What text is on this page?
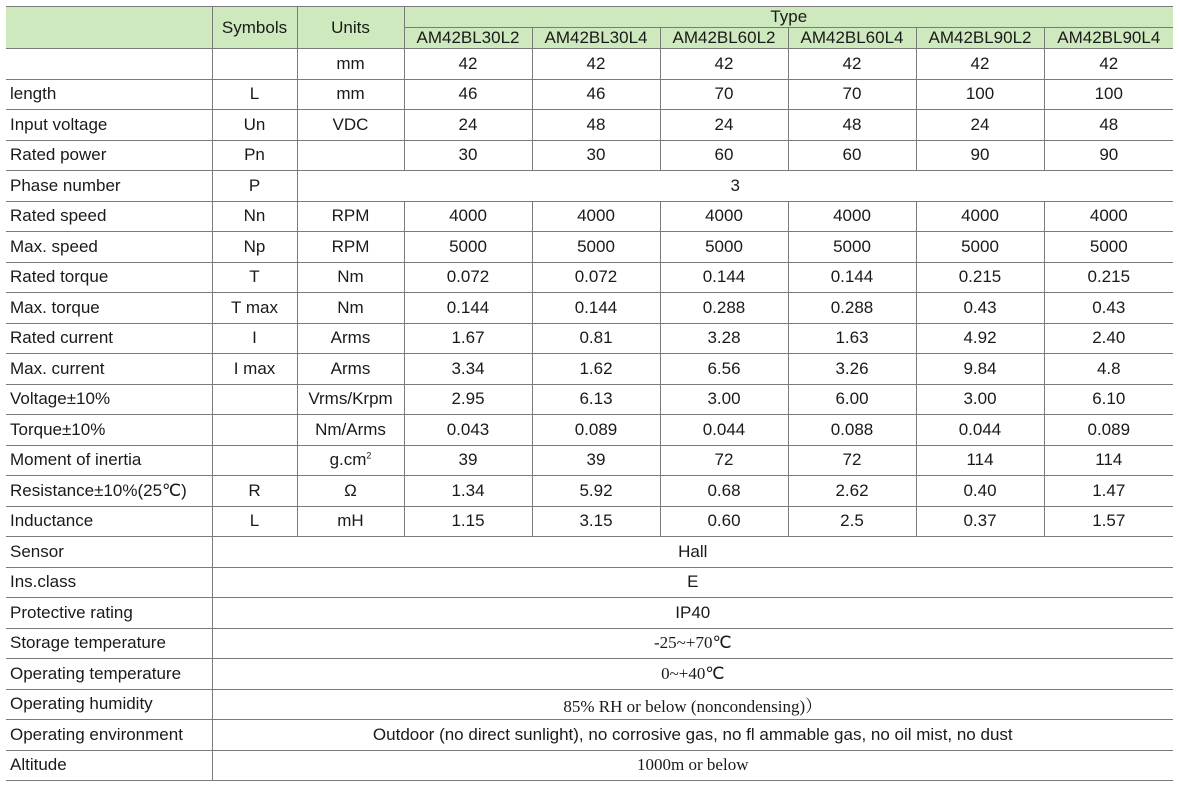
	Symbols	Units	Type					
			AM42BL30L2	AM42BL30L4	AM42BL60L2	AM42BL60L4	AM42BL90L2	AM42BL90L4
		mm	42	42	42	42	42	42
length	L	mm	46	46	70	70	100	100
Input voltage	Un	VDC	24	48	24	48	24	48
Rated power	Pn		30	30	60	60	90	90
Phase number	P	3						
Rated speed	Nn	RPM	4000	4000	4000	4000	4000	4000
Max. speed	Np	RPM	5000	5000	5000	5000	5000	5000
Rated torque	T	Nm	0.072	0.072	0.144	0.144	0.215	0.215
Max. torque	T max	Nm	0.144	0.144	0.288	0.288	0.43	0.43
Rated current	I	Arms	1.67	0.81	3.28	1.63	4.92	2.40
Max. current	I max	Arms	3.34	1.62	6.56	3.26	9.84	4.8
Voltage±10%		Vrms/Krpm	2.95	6.13	3.00	6.00	3.00	6.10
Torque±10%		Nm/Arms	0.043	0.089	0.044	0.088	0.044	0.089
Moment of inertia		$g.cm^2$	39	39	72	72	114	114
Resistance±10%(25℃)	R	Ω	1.34	5.92	0.68	2.62	0.40	1.47
Inductance	L	mH	1.15	3.15	0.60	2.5	0.37	1.57
Sensor	Hall							
Ins.class	E							
Protective rating	IP40							
Storage temperature	-25~+70℃							
Operating temperature	0~+40℃							
Operating humidity	85% RH or below (noncondensing)）							
Operating environment	Outdoor (no direct sunlight), no corrosive gas, no fl ammable gas, no oil mist, no dust							
Altitude	1000m or below							
